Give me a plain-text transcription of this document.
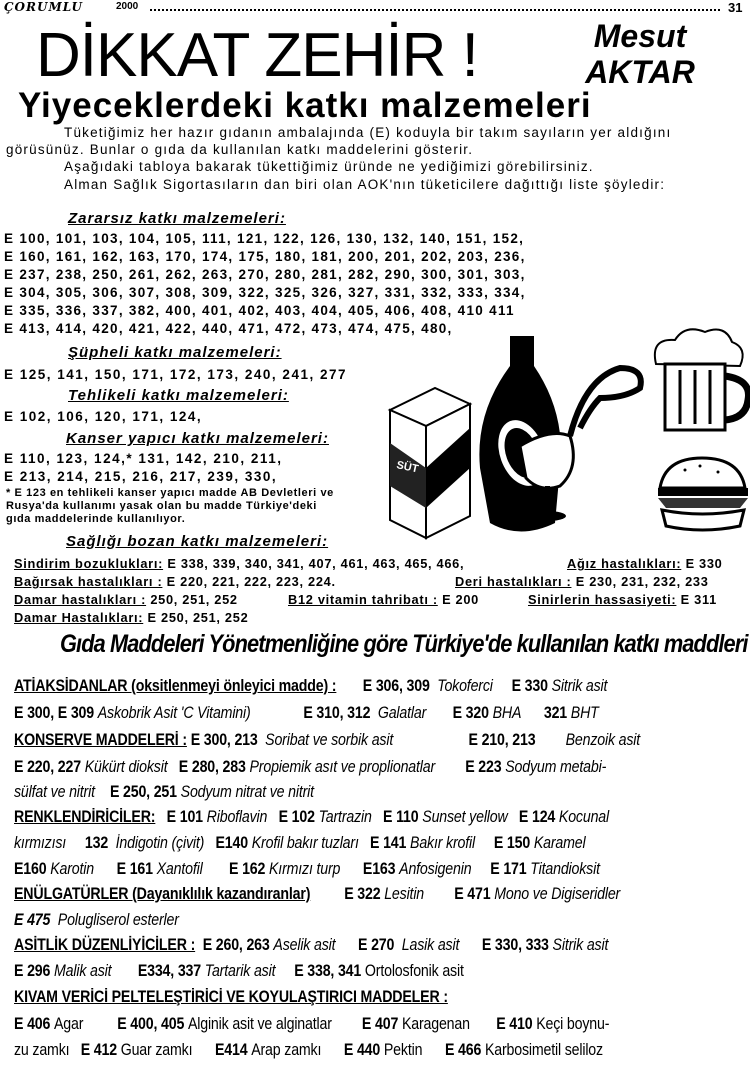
ÇORUMLU	2000	31
DİKKAT ZEHİR !	Mesut
AKTAR
Yiyeceklerdeki katkı malzemeleri
Tüketiğimiz her hazır gıdanın ambalajında (E) koduyla bir takım sayıların yer aldığını görüsünüz. Bunlar o gıda da kullanılan katkı maddelerini gösterir.
Aşağıdaki tabloya bakarak tükettiğimiz üründe ne yediğimizi görebilirsiniz.
Alman Sağlık Sigortasıların dan biri olan AOK'nın tüketicilere dağıttığı liste şöyledir:
Zararsız katkı malzemeleri:
E 100, 101, 103, 104, 105, 111, 121, 122, 126, 130, 132, 140, 151, 152,
E 160, 161, 162, 163, 170, 174, 175, 180, 181, 200, 201, 202, 203, 236,
E 237, 238, 250, 261, 262, 263, 270, 280, 281, 282, 290, 300, 301, 303,
E 304, 305, 306, 307, 308, 309, 322, 325, 326, 327, 331, 332, 333, 334,
E 335, 336, 337, 382, 400, 401, 402, 403, 404, 405, 406, 408, 410 411
E 413, 414, 420, 421, 422, 440, 471, 472, 473, 474, 475, 480,
Şüpheli katkı malzemeleri:
E 125, 141, 150, 171, 172, 173, 240, 241, 277
Tehlikeli katkı malzemeleri:
E 102, 106, 120, 171, 124,
Kanser yapıcı katkı malzemeleri:
E 110, 123, 124,* 131, 142, 210, 211,
E 213, 214, 215, 216, 217, 239, 330,
* E 123 en tehlikeli kanser yapıcı madde AB Devletleri ve
Rusya'da kullanımı yasak olan bu madde Türkiye'deki
gıda maddelerinde kullanılıyor.
SÜT
Sağlığı bozan katkı malzemeleri:
Sindirim bozuklukları: E 338, 339, 340, 341, 407, 461, 463, 465, 466,	Ağız hastalıkları: E 330
Bağırsak hastalıkları : E 220, 221, 222, 223, 224.	Deri hastalıkları : E 230, 231, 232, 233
Damar hastalıkları : 250, 251, 252	B12 vitamin tahribatı : E 200	Sinirlerin hassasiyeti: E 311
Damar Hastalıkları: E 250, 251, 252
Gıda Maddeleri Yönetmenliğine göre Türkiye'de kullanılan katkı maddleri
ATİAKSİDANLAR (oksitlenmeyi önleyici madde) : E 306, 309 Tokoferci E 330 Sitrik asit
E 300, E 309 Askobrik Asit 'C Vitamini)	E 310, 312 Galatlar E 320 BHA 321 BHT
KONSERVE MADDELERİ : E 300, 213 Soribat ve sorbik asit	E 210, 213 Benzoik asit
E 220, 227 Kükürt dioksit E 280, 283 Propiemik asıt ve proplionatlar E 223 Sodyum metabi-
sülfat ve nitrit E 250, 251 Sodyum nitrat ve nitrit
RENKLENDİRİCİLER: E 101 Riboflavin E 102 Tartrazin E 110 Sunset yellow E 124 Kocunal
kırmızısı 132 İndigotin (çivit) E140 Krofil bakır tuzları E 141 Bakır krofil E 150 Karamel
E160 Karotin E 161 Xantofil E 162 Kırmızı turp E163 Anfosigenin E 171 Titandioksit
ENÜLGATÜRLER (Dayanıklılık kazandıranlar) E 322 Lesitin E 471 Mono ve Digiseridler
E 475 Polugliserol esterler
ASİTLİK DÜZENLİYİCİLER : E 260, 263 Aselik asit E 270 Lasik asit E 330, 333 Sitrik asit
E 296 Malik asit E334, 337 Tartarik asit E 338, 341 Ortolosfonik asit
KIVAM VERİCİ PELTELEŞTİRİCİ VE KOYULAŞTIRICI MADDELER :
E 406 Agar E 400, 405 Alginik asit ve alginatlar E 407 Karagenan E 410 Keçi boynu-
zu zamkı E 412 Guar zamkı E414 Arap zamkı E 440 Pektin E 466 Karbosimetil seliloz
